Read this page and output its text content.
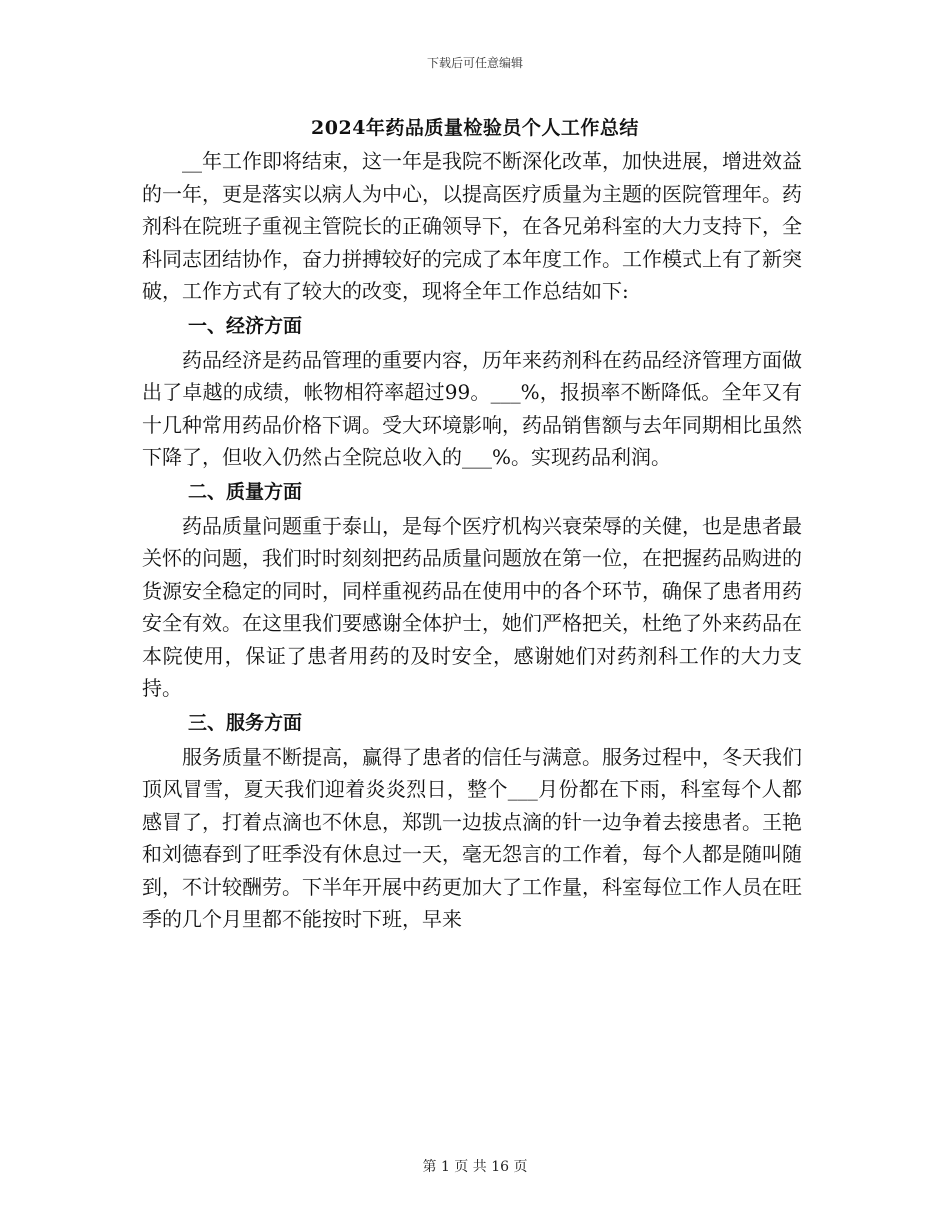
下载后可任意编辑
2024年药品质量检验员个人工作总结

__年工作即将结束，这一年是我院不断深化改革，加快进展，增进效益的一年，更是落实以病人为中心，以提高医疗质量为主题的医院管理年。药剂科在院班子重视主管院长的正确领导下，在各兄弟科室的大力支持下，全科同志团结协作，奋力拼搏较好的完成了本年度工作。工作模式上有了新突破，工作方式有了较大的改变，现将全年工作总结如下:

一、经济方面

药品经济是药品管理的重要内容，历年来药剂科在药品经济管理方面做出了卓越的成绩，帐物相符率超过99。___%，报损率不断降低。全年又有十几种常用药品价格下调。受大环境影响，药品销售额与去年同期相比虽然下降了，但收入仍然占全院总收入的___%。实现药品利润。

二、质量方面

药品质量问题重于泰山，是每个医疗机构兴衰荣辱的关健，也是患者最关怀的问题，我们时时刻刻把药品质量问题放在第一位，在把握药品购进的货源安全稳定的同时，同样重视药品在使用中的各个环节，确保了患者用药安全有效。在这里我们要感谢全体护士，她们严格把关，杜绝了外来药品在本院使用，保证了患者用药的及时安全，感谢她们对药剂科工作的大力支持。

三、服务方面

服务质量不断提高，赢得了患者的信任与满意。服务过程中，冬天我们顶风冒雪，夏天我们迎着炎炎烈日，整个___月份都在下雨，科室每个人都感冒了，打着点滴也不休息，郑凯一边拔点滴的针一边争着去接患者。王艳和刘德春到了旺季没有休息过一天，毫无怨言的工作着，每个人都是随叫随到，不计较酬劳。下半年开展中药更加大了工作量，科室每位工作人员在旺季的几个月里都不能按时下班，早来

第 1 页 共 16 页
